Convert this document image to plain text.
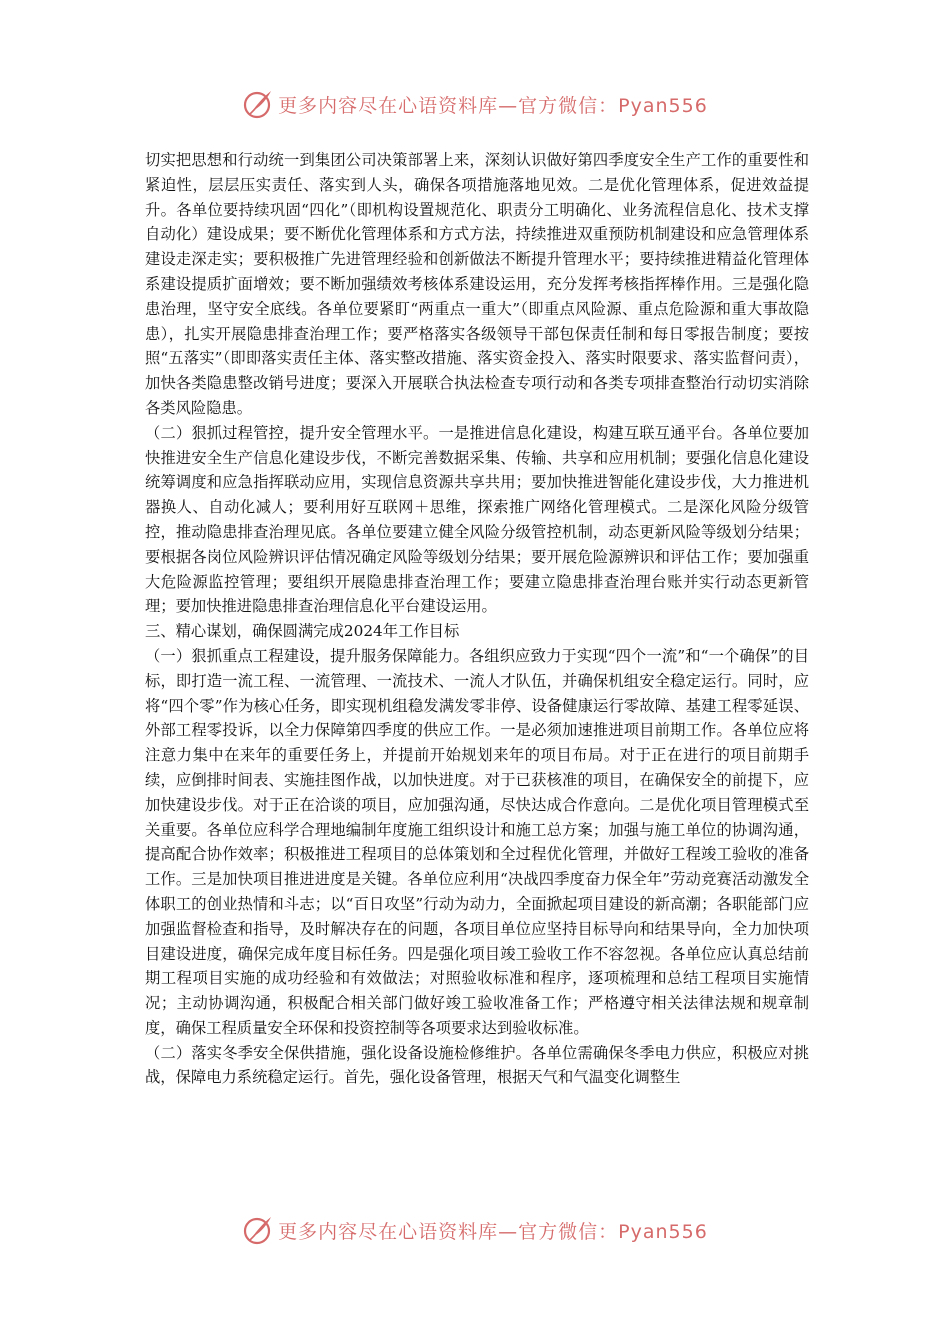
更多内容尽在心语资料库—官方微信：Pyan556

切实把思想和行动统一到集团公司决策部署上来，深刻认识做好第四季度安全生产工作的重要性和紧迫性，层层压实责任、落实到人头，确保各项措施落地见效。二是优化管理体系，促进效益提升。各单位要持续巩固“四化”（即机构设置规范化、职责分工明确化、业务流程信息化、技术支撑自动化）建设成果；要不断优化管理体系和方式方法，持续推进双重预防机制建设和应急管理体系建设走深走实；要积极推广先进管理经验和创新做法不断提升管理水平；要持续推进精益化管理体系建设提质扩面增效；要不断加强绩效考核体系建设运用，充分发挥考核指挥棒作用。三是强化隐患治理，坚守安全底线。各单位要紧盯“两重点一重大”（即重点风险源、重点危险源和重大事故隐患），扎实开展隐患排查治理工作；要严格落实各级领导干部包保责任制和每日零报告制度；要按照“五落实”（即即落实责任主体、落实整改措施、落实资金投入、落实时限要求、落实监督问责），加快各类隐患整改销号进度；要深入开展联合执法检查专项行动和各类专项排查整治行动切实消除各类风险隐患。

（二）狠抓过程管控，提升安全管理水平。一是推进信息化建设，构建互联互通平台。各单位要加快推进安全生产信息化建设步伐，不断完善数据采集、传输、共享和应用机制；要强化信息化建设统筹调度和应急指挥联动应用，实现信息资源共享共用；要加快推进智能化建设步伐，大力推进机器换人、自动化减人；要利用好互联网＋思维，探索推广网络化管理模式。二是深化风险分级管控，推动隐患排查治理见底。各单位要建立健全风险分级管控机制，动态更新风险等级划分结果；要根据各岗位风险辨识评估情况确定风险等级划分结果；要开展危险源辨识和评估工作；要加强重大危险源监控管理；要组织开展隐患排查治理工作；要建立隐患排查治理台账并实行动态更新管理；要加快推进隐患排查治理信息化平台建设运用。

三、精心谋划，确保圆满完成2024年工作目标

（一）狠抓重点工程建设，提升服务保障能力。各组织应致力于实现“四个一流”和“一个确保”的目标，即打造一流工程、一流管理、一流技术、一流人才队伍，并确保机组安全稳定运行。同时，应将“四个零”作为核心任务，即实现机组稳发满发零非停、设备健康运行零故障、基建工程零延误、外部工程零投诉，以全力保障第四季度的供应工作。一是必须加速推进项目前期工作。各单位应将注意力集中在来年的重要任务上，并提前开始规划来年的项目布局。对于正在进行的项目前期手续，应倒排时间表、实施挂图作战，以加快进度。对于已获核准的项目，在确保安全的前提下，应加快建设步伐。对于正在洽谈的项目，应加强沟通，尽快达成合作意向。二是优化项目管理模式至关重要。各单位应科学合理地编制年度施工组织设计和施工总方案；加强与施工单位的协调沟通，提高配合协作效率；积极推进工程项目的总体策划和全过程优化管理，并做好工程竣工验收的准备工作。三是加快项目推进进度是关键。各单位应利用“决战四季度奋力保全年”劳动竞赛活动激发全体职工的创业热情和斗志；以“百日攻坚”行动为动力，全面掀起项目建设的新高潮；各职能部门应加强监督检查和指导，及时解决存在的问题，各项目单位应坚持目标导向和结果导向，全力加快项目建设进度，确保完成年度目标任务。四是强化项目竣工验收工作不容忽视。各单位应认真总结前期工程项目实施的成功经验和有效做法；对照验收标准和程序，逐项梳理和总结工程项目实施情况；主动协调沟通，积极配合相关部门做好竣工验收准备工作；严格遵守相关法律法规和规章制度，确保工程质量安全环保和投资控制等各项要求达到验收标准。

（二）落实冬季安全保供措施，强化设备设施检修维护。各单位需确保冬季电力供应，积极应对挑战，保障电力系统稳定运行。首先，强化设备管理，根据天气和气温变化调整生

更多内容尽在心语资料库—官方微信：Pyan556
